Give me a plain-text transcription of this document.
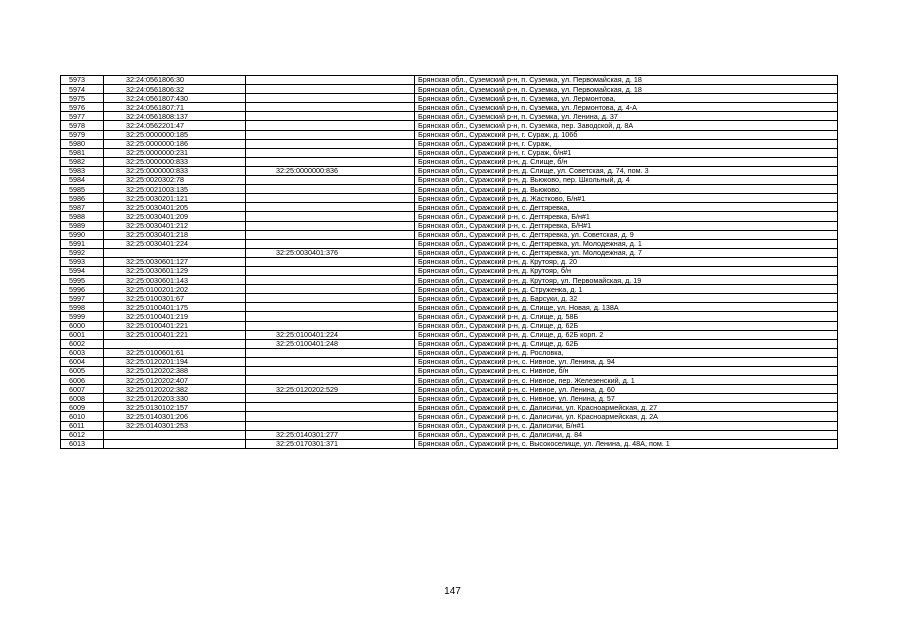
5973	32:24:0561806:30		Брянская обл., Суземский р-н, п. Суземка, ул. Первомайская, д. 18
5974	32:24:0561806:32		Брянская обл., Суземский р-н, п. Суземка, ул. Первомайская, д. 18
5975	32:24:0561807:430		Брянская обл., Суземский р-н, п. Суземка, ул. Лермонтова,
5976	32:24:0561807:71		Брянская обл., Суземский р-н, п. Суземка, ул. Лермонтова, д. 4-А
5977	32:24:0561808:137		Брянская обл., Суземский р-н, п. Суземка, ул. Ленина, д. 37
5978	32:24:0562201:47		Брянская обл., Суземский р-н, п. Суземка, пер. Заводской, д. 8А
5979	32:25:0000000:185		Брянская обл., Суражский р-н, г. Сураж, д. 106б
5980	32:25:0000000:186		Брянская обл., Суражский р-н, г. Сураж,
5981	32:25:0000000:231		Брянская обл., Суражский р-н, г. Сураж, б/н#1
5982	32:25:0000000:833		Брянская обл., Суражский р-н, д. Слище, б/н
5983	32:25:0000000:833	32:25:0000000:836	Брянская обл., Суражский р-н, д. Слище, ул. Советская, д. 74, пом. 3
5984	32:25:0020302:78		Брянская обл., Суражский р-н, д. Вьюково, пер. Школьный, д. 4
5985	32:25:0021003:135		Брянская обл., Суражский р-н, д. Вьюково,
5986	32:25:0030201:121		Брянская обл., Суражский р-н, д. Жастково, Б/н#1
5987	32:25:0030401:205		Брянская обл., Суражский р-н, с. Дегтяревка,
5988	32:25:0030401:209		Брянская обл., Суражский р-н, с. Дегтяревка, Б/н#1
5989	32:25:0030401:212		Брянская обл., Суражский р-н, с. Дегтяревка, Б/Н#1
5990	32:25:0030401:218		Брянская обл., Суражский р-н, с. Дегтяревка, ул. Советская, д. 9
5991	32:25:0030401:224		Брянская обл., Суражский р-н, с. Дегтяревка, ул. Молодежная, д. 1
5992		32:25:0030401:376	Брянская обл., Суражский р-н, с. Дегтяревка, ул. Молодежная, д. 7
5993	32:25:0030601:127		Брянская обл., Суражский р-н, д. Крутояр, д. 20
5994	32:25:0030601:129		Брянская обл., Суражский р-н, д. Крутояр, б/н
5995	32:25:0030601:143		Брянская обл., Суражский р-н, д. Крутояр, ул. Первомайская, д. 19
5996	32:25:0100201:202		Брянская обл., Суражский р-н, д. Струженка, д. 1
5997	32:25:0100301:67		Брянская обл., Суражский р-н, д. Барсуки, д. 32
5998	32:25:0100401:175		Брянская обл., Суражский р-н, д. Слище, ул. Новая, д. 138А
5999	32:25:0100401:219		Брянская обл., Суражский р-н, д. Слище, д. 58Б
6000	32:25:0100401:221		Брянская обл., Суражский р-н, д. Слище, д. 62Б
6001	32:25:0100401:221	32:25:0100401:224	Брянская обл., Суражский р-н, д. Слище, д. 62Б корп. 2
6002		32:25:0100401:248	Брянская обл., Суражский р-н, д. Слище, д. 62Б
6003	32:25:0100601:61		Брянская обл., Суражский р-н, д. Рословка,
6004	32:25:0120201:194		Брянская обл., Суражский р-н, с. Нивное, ул. Ленина, д. 94
6005	32:25:0120202:388		Брянская обл., Суражский р-н, с. Нивное, б/н
6006	32:25:0120202:407		Брянская обл., Суражский р-н, с. Нивное, пер. Железенский, д. 1
6007	32:25:0120202:382	32:25:0120202:529	Брянская обл., Суражский р-н, с. Нивное, ул. Ленина, д. 60
6008	32:25:0120203:330		Брянская обл., Суражский р-н, с. Нивное, ул. Ленина, д. 57
6009	32:25:0130102:157		Брянская обл., Суражский р-н, с. Далисичи, ул. Красноармейская, д. 27
6010	32:25:0140301:206		Брянская обл., Суражский р-н, с. Далисичи, ул. Красноармейская, д. 2А
6011	32:25:0140301:253		Брянская обл., Суражский р-н, с. Далисичи, Б/н#1
6012		32:25:0140301:277	Брянская обл., Суражский р-н, с. Далисичи, д. 84
6013		32:25:0170301:371	Брянская обл., Суражский р-н, с. Высокоселище, ул. Ленина, д. 48А, пом. 1
147
